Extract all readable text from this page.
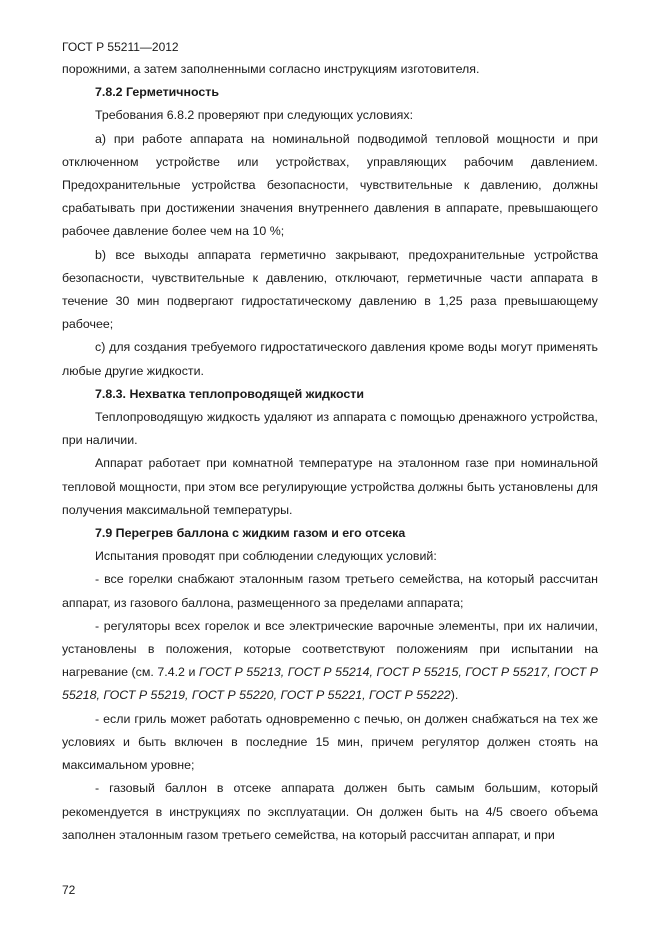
ГОСТ Р 55211—2012

порожними, а затем заполненными согласно инструкциям изготовителя.

7.8.2 Герметичность

Требования 6.8.2 проверяют при следующих условиях:

а) при работе аппарата на номинальной подводимой тепловой мощности и при отключенном устройстве или устройствах, управляющих рабочим давлением. Предохранительные устройства безопасности, чувствительные к давлению, должны срабатывать при достижении значения внутреннего давления в аппарате, превышающего рабочее давление более чем на 10 %;

b) все выходы аппарата герметично закрывают, предохранительные устройства безопасности, чувствительные к давлению, отключают, герметичные части аппарата в течение 30 мин подвергают гидростатическому давлению в 1,25 раза превышающему рабочее;

с) для создания требуемого гидростатического давления кроме воды могут применять любые другие жидкости.

7.8.3. Нехватка теплопроводящей жидкости

Теплопроводящую жидкость удаляют из аппарата с помощью дренажного устройства, при наличии.

Аппарат работает при комнатной температуре на эталонном газе при номинальной тепловой мощности, при этом все регулирующие устройства должны быть установлены для получения максимальной температуры.

7.9 Перегрев баллона с жидким газом и его отсека

Испытания проводят при соблюдении следующих условий:

- все горелки снабжают эталонным газом третьего семейства, на который рассчитан аппарат, из газового баллона, размещенного за пределами аппарата;

- регуляторы всех горелок и все электрические варочные элементы, при их наличии, установлены в положения, которые соответствуют положениям при испытании на нагревание (см. 7.4.2 и ГОСТ Р 55213, ГОСТ Р 55214, ГОСТ Р 55215, ГОСТ Р 55217, ГОСТ Р 55218, ГОСТ Р 55219, ГОСТ Р 55220, ГОСТ Р 55221, ГОСТ Р 55222).

- если гриль может работать одновременно с печью, он должен снабжаться на тех же условиях и быть включен в последние 15 мин, причем регулятор должен стоять на максимальном уровне;

- газовый баллон в отсеке аппарата должен быть самым большим, который рекомендуется в инструкциях по эксплуатации. Он должен быть на 4/5 своего объема заполнен эталонным газом третьего семейства, на который рассчитан аппарат, и при

72
